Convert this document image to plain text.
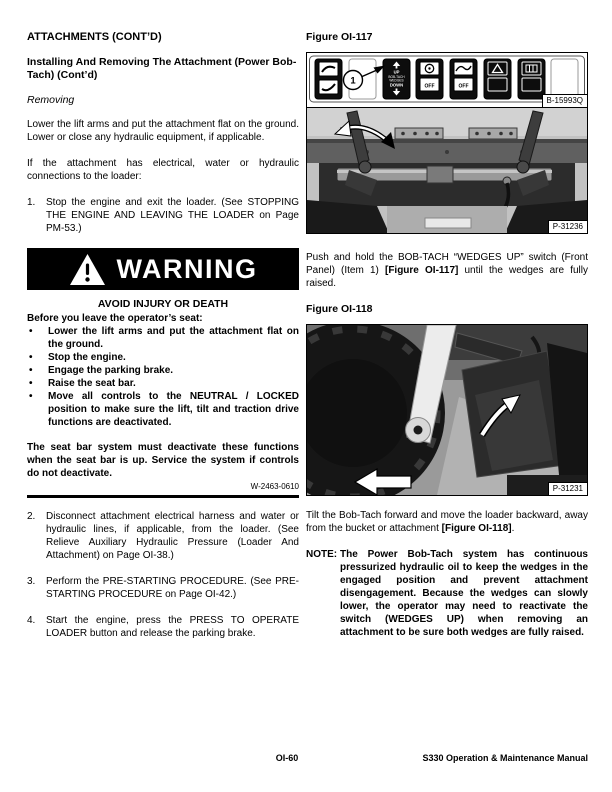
ATTACHMENTS (CONT’D)
Installing And Removing The Attachment (Power Bob-Tach) (Cont’d)
Removing

Lower the lift arms and put the attachment flat on the ground. Lower or close any hydraulic equipment, if applicable.

If the attachment has electrical, water or hydraulic connections to the loader:

1.	Stop the engine and exit the loader. (See STOPPING THE ENGINE AND LEAVING THE LOADER on Page PM-53.)
WARNING
AVOID INJURY OR DEATH
Before you leave the operator’s seat:
•	Lower the lift arms and put the attachment flat on the ground.
•	Stop the engine.
•	Engage the parking brake.
•	Raise the seat bar.
•	Move all controls to the NEUTRAL / LOCKED position to make sure the lift, tilt and traction drive functions are deactivated.
The seat bar system must deactivate these functions when the seat bar is up. Service the system if controls do not deactivate.
W-2463-0610
2.	Disconnect attachment electrical harness and water or hydraulic lines, if applicable, from the loader. (See Relieve Auxiliary Hydraulic Pressure (Loader And Attachment) on Page OI-38.)
3.	Perform the PRE-STARTING PROCEDURE. (See PRE-STARTING PROCEDURE on Page OI-42.)
4.	Start the engine, press the PRESS TO OPERATE LOADER button and release the parking brake.
Figure OI-117
UP
BOB-TACH
WEDGES
DOWN	OFF	OFF
1
B-15993Q
P-31236

Push and hold the BOB-TACH “WEDGES UP” switch (Front Panel) (Item 1) [Figure OI-117] until the wedges are fully raised.

Figure OI-118
P-31231

Tilt the Bob-Tach forward and move the loader backward, away from the bucket or attachment [Figure OI-118].

NOTE: The Power Bob-Tach system has continuous pressurized hydraulic oil to keep the wedges in the engaged position and prevent attachment disengagement. Because the wedges can slowly lower, the operator may need to reactivate the switch (WEDGES UP) when removing an attachment to be sure both wedges are fully raised.
OI-60	S330 Operation & Maintenance Manual
